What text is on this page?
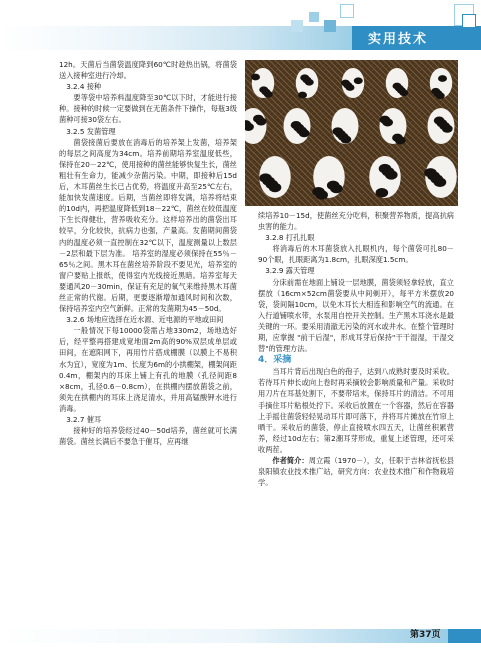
实用技术

12h。天菌后当菌袋温度降到60℃时趁热出锅，将菌袋送入接种室进行冷却。

3.2.4 接种

要等袋中培养料温度降至30℃以下时，才能进行接种。接种的时候一定要做到在无菌条件下操作，每瓶3级菌种可接30袋左右。

3.2.5 发菌管理

菌袋接菌后要放在消毒后的培养架上发菌，培养架的每层之间高度为34cm。培养前期培养室温度低些，保持在20－22℃，使用接种的菌丝能够快复生长，菌丝粗壮有生命力，能减少杂菌污染。中期，即接种后15d后，木耳菌丝生长已占优势，将温度升高至25℃左右，能加快发菌速度。后期，当菌丝即将发满，培养将结束的10d内，再把温度降低到18－22℃，菌丝在较低温度下生长得健壮，营养吸收充分。这样培养出的菌袋出耳较早，分化较快，抗病力也强，产量高。发菌期间菌袋内的温度必须一直控制在32℃以下，温度测量以上数层－2层和最下层为准。 培养室的湿度必须保持在55％－65％之间。黑木耳在菌丝培养阶段不要见光，培养室的窗户要贴上报纸，使得室内光线接近黑暗。培养室每天要通风20－30min，保证有充足的氧气来维持黑木耳菌丝正常的代谢。后期，更要逐渐增加通风时间和次数，保持培养室内空气新鲜。正常的发菌期为45－50d。

3.2.6 场地应选择在近水源、近电源的平地或田间

一般情况下每10000袋需占地330m2，场地选好后，经平整再搭建成宽地面2m高的90%双层成单层或田间，在遮阳网下，再用竹片搭成棚膜（以膜上不易积水为宜），宽度为1m、长度为6m的小拱棚架，棚架间距0.4m，棚架内的耳床上铺上有孔的地膜（孔径间距8 ×8cm，孔径0.6－0.8cm），在拱棚内摆放菌袋之前，须先在拱棚内的耳床上浇足清水，并用高锰酸钾水进行消毒。

3.2.7 催耳

接种好的培养袋经过40－50d培养，菌丝就可长满菌袋。菌丝长满后不要急于催耳，应再继

续培养10－15d，使菌丝充分吃料，积聚营养物质，提高抗病虫害的能力。

3.2.8 打孔扎眼

将消毒后的木耳菌袋放入扎眼机内，每个菌袋可扎80－90个眼，扎眼距离为1.8cm，扎眼深度1.5cm。

3.2.9 露天管理

分床前需在地面上铺设一层地膜，菌袋须轻拿轻放，直立摆放（16cm×52cm菌袋要从中间剃开），每平方米摆放20袋，袋间隔10cm，以免木耳长大相连和影响空气的流通。在入行道铺喷水带，水泵用自控开关控制。生产黑木耳浇水是最关键的一环。要采用清澈无污染的河水或井水。在整个管理时期，应掌握 "前干后湿"，形成耳芽后保持"干干湿湿，干湿交替"的管理方法。

4．采摘

当耳片背后出现白色的孢子，达到八成熟时要及时采收。若待耳片伸长或向上卷时再采摘较会影响质量和产量。采收时用刀片在耳基处割下，不要带培末，保持耳片的清洁。不可用手摘住耳片粘根处拧下。采收后放置在一个容器，然后在容器上手摇住菌袋轻轻晃动耳片即可落下，并将耳片摊放在竹帘上晒干。采收后的菌袋，停止直接喷水四五天，让菌丝积累营养，经过10d左右；第2潮耳芽形成，重复上述管理，还可采收两茬。

作者简介：周立霞（1970－），女，任职于吉林省抚松县泉阳镇农业技术推广站，研究方向：农业技术推广和作物栽培学。

第37页
